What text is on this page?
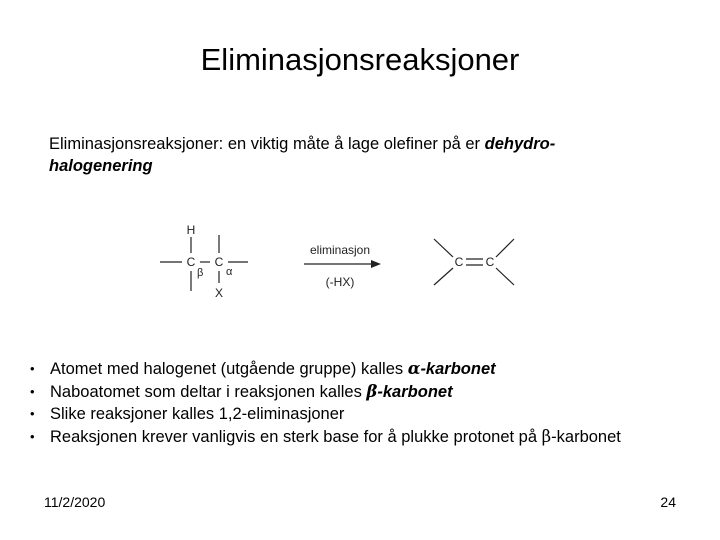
Eliminasjonsreaksjoner
Eliminasjonsreaksjoner: en viktig måte å lage olefiner på er dehydro-halogenering
H
C C
X
β α
eliminasjon
(-HX)
C C
• Atomet med halogenet (utgående gruppe) kalles α-karbonet
• Naboatomet som deltar i reaksjonen kalles β-karbonet
• Slike reaksjoner kalles 1,2-eliminasjoner
• Reaksjonen krever vanligvis en sterk base for å plukke protonet på β-karbonet
11/2/2020	24
